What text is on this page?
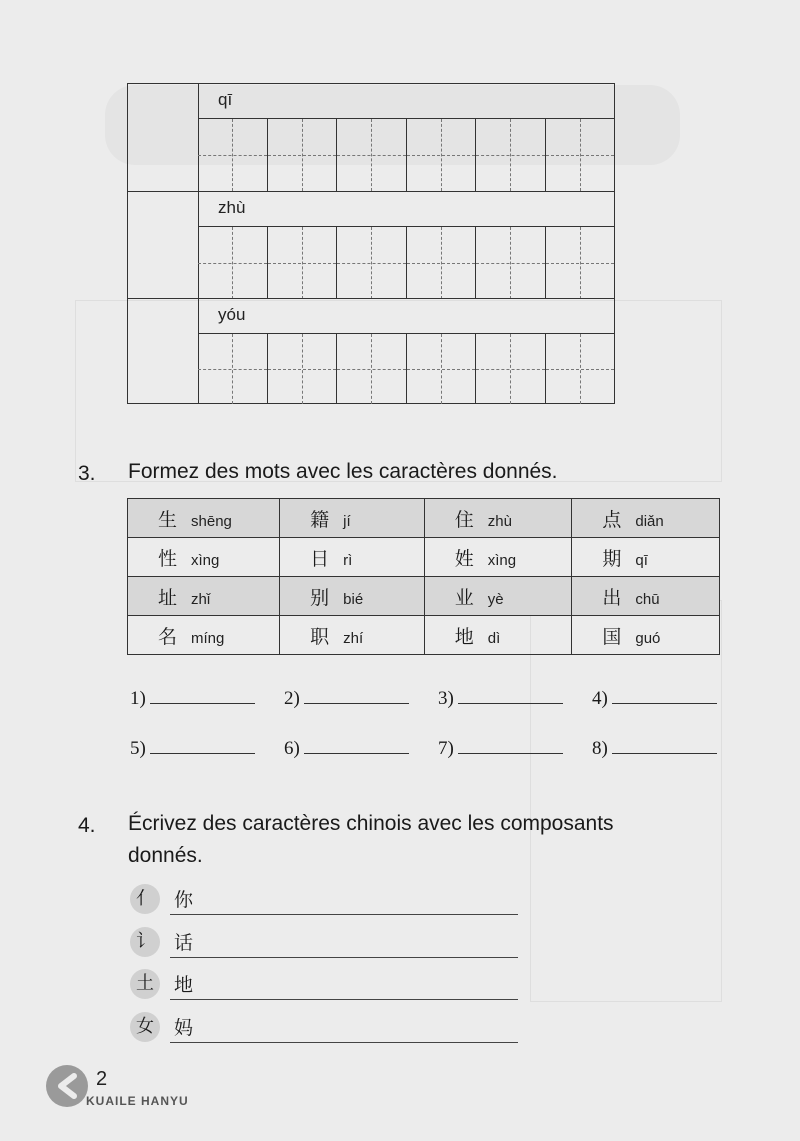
qī
zhù
yóu
3. Formez des mots avec les caractères donnés.
生 shēng	籍 jí	住 zhù	点 diǎn
性 xìng	日 rì	姓 xìng	期 qī
址 zhǐ	别 bié	业 yè	出 chū
名 míng	职 zhí	地 dì	国 guó
1)	2)	3)	4)
5)	6)	7)	8)
4. Écrivez des caractères chinois avec les composants
donnés.
亻	你
讠	话
土	地
女	妈
2
KUAILE HANYU
